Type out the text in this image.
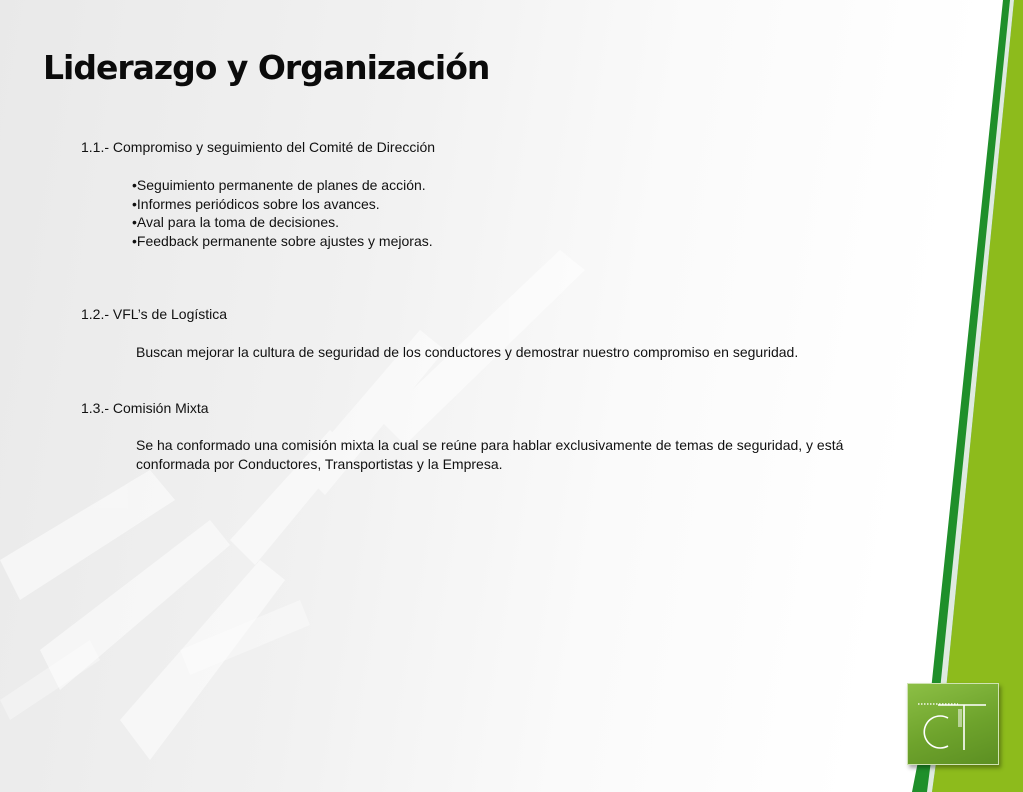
Liderazgo y Organización
1.1.- Compromiso y seguimiento del Comité de Dirección
• Seguimiento permanente de planes de acción.
• Informes periódicos sobre los avances.
• Aval para la toma de decisiones.
• Feedback permanente sobre ajustes y mejoras.
1.2.- VFL’s de Logística

Buscan mejorar la cultura de seguridad de los conductores y demostrar nuestro compromiso en seguridad.

1.3.- Comisión Mixta

Se ha conformado una comisión mixta la cual se reúne para hablar exclusivamente de temas de seguridad, y está conformada por Conductores, Transportistas y la Empresa.
